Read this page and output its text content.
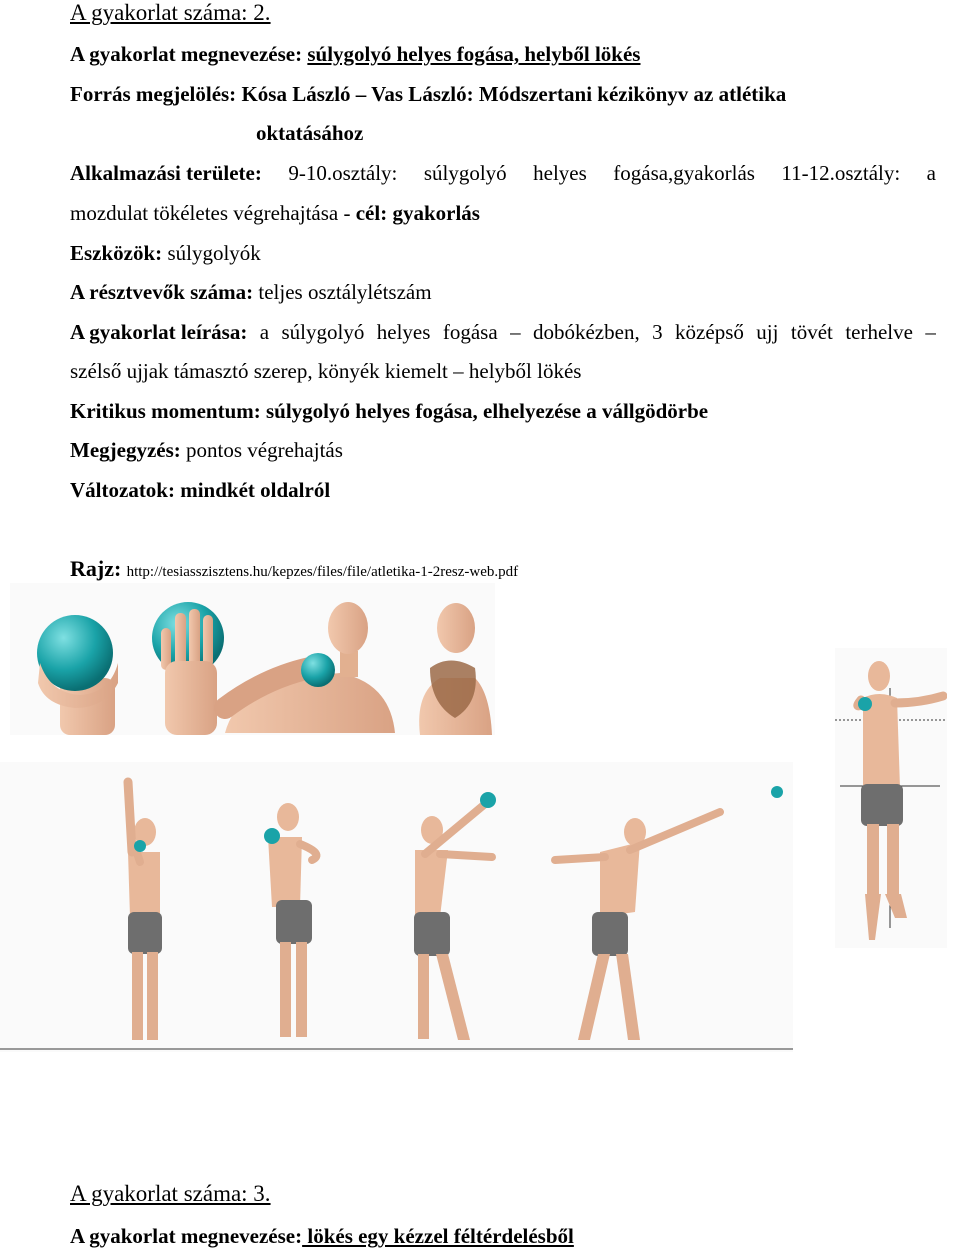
A gyakorlat száma: 2.
A gyakorlat megnevezése: súlygolyó helyes fogása, helyből lökés
Forrás megjelölés: Kósa László – Vas László: Módszertani kézikönyv az atlétika
oktatásához
Alkalmazási területe: 9-10.osztály: súlygolyó helyes fogása,gyakorlás 11-12.osztály: a
mozdulat tökéletes végrehajtása - cél: gyakorlás
Eszközök: súlygolyók
A résztvevők száma: teljes osztálylétszám
A gyakorlat leírása: a súlygolyó helyes fogása – dobókézben, 3 középső ujj tövét terhelve –
szélső ujjak támasztó szerep, könyék kiemelt – helyből lökés
Kritikus momentum: súlygolyó helyes fogása, elhelyezése a vállgödörbe
Megjegyzés: pontos végrehajtás
Változatok: mindkét oldalról
Rajz: http://tesiasszisztens.hu/kepzes/files/file/atletika-1-2resz-web.pdf
A gyakorlat száma: 3.
A gyakorlat megnevezése: lökés egy kézzel féltérdelésből
